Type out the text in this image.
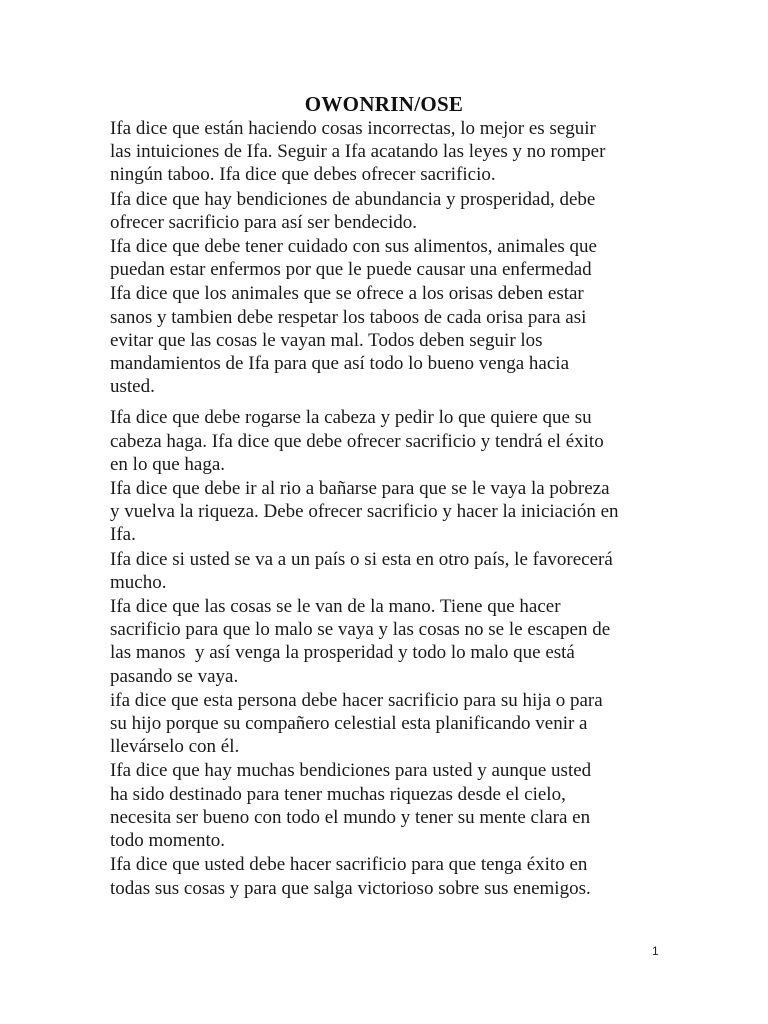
OWONRIN/OSE

Ifa dice que están haciendo cosas incorrectas, lo mejor es seguir
las intuiciones de Ifa. Seguir a Ifa acatando las leyes y no romper
ningún taboo. Ifa dice que debes ofrecer sacrificio.

Ifa dice que hay bendiciones de abundancia y prosperidad, debe
ofrecer sacrificio para así ser bendecido.

Ifa dice que debe tener cuidado con sus alimentos, animales que
puedan estar enfermos por que le puede causar una enfermedad

Ifa dice que los animales que se ofrece a los orisas deben estar
sanos y tambien debe respetar los taboos de cada orisa para asi
evitar que las cosas le vayan mal. Todos deben seguir los
mandamientos de Ifa para que así todo lo bueno venga hacia
usted.

Ifa dice que debe rogarse la cabeza y pedir lo que quiere que su
cabeza haga. Ifa dice que debe ofrecer sacrificio y tendrá el éxito
en lo que haga.

Ifa dice que debe ir al rio a bañarse para que se le vaya la pobreza
y vuelva la riqueza. Debe ofrecer sacrificio y hacer la iniciación en
Ifa.

Ifa dice si usted se va a un país o si esta en otro país, le favorecerá
mucho.

Ifa dice que las cosas se le van de la mano. Tiene que hacer
sacrificio para que lo malo se vaya y las cosas no se le escapen de
las manos  y así venga la prosperidad y todo lo malo que está
pasando se vaya.

ifa dice que esta persona debe hacer sacrificio para su hija o para
su hijo porque su compañero celestial esta planificando venir a
llevárselo con él.

Ifa dice que hay muchas bendiciones para usted y aunque usted
ha sido destinado para tener muchas riquezas desde el cielo,
necesita ser bueno con todo el mundo y tener su mente clara en
todo momento.

Ifa dice que usted debe hacer sacrificio para que tenga éxito en
todas sus cosas y para que salga victorioso sobre sus enemigos.

1
